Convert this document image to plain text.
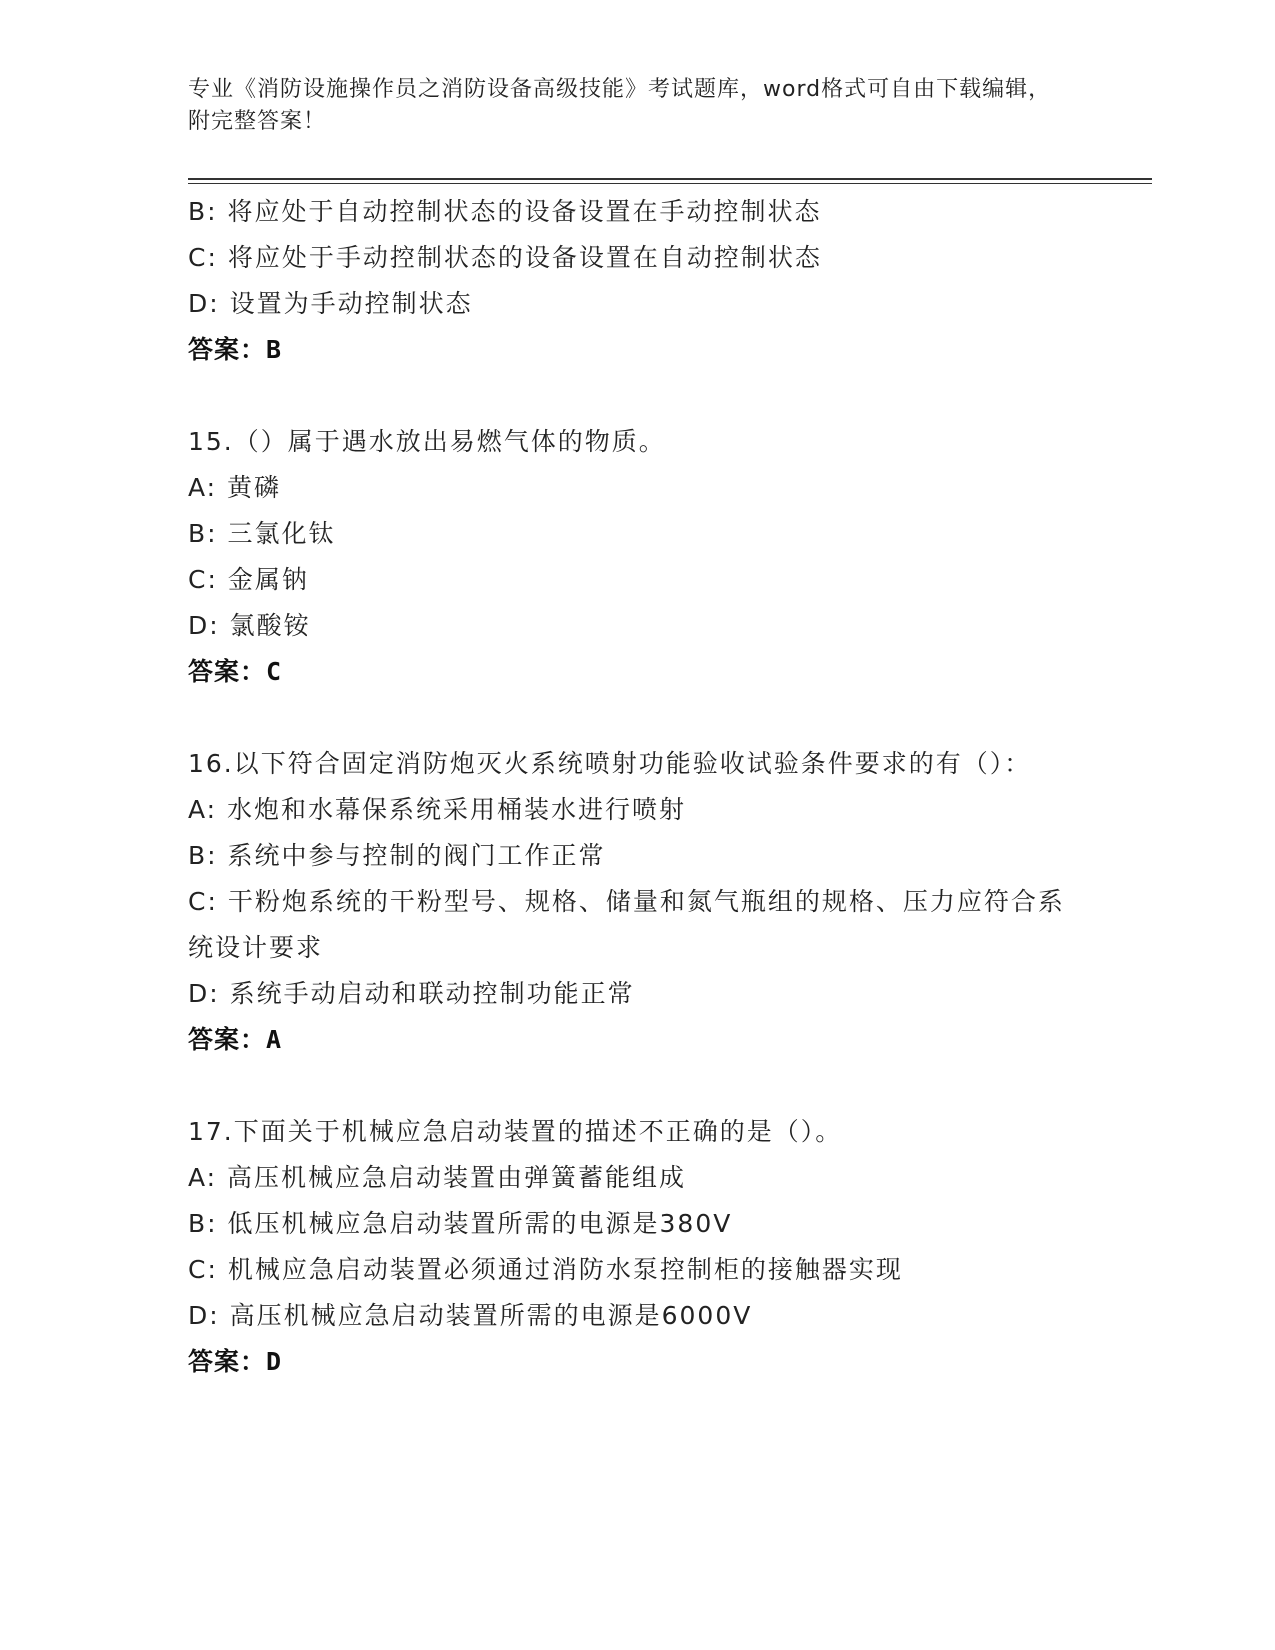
专业《消防设施操作员之消防设备高级技能》考试题库，word格式可自由下载编辑，附完整答案！
B: 将应处于自动控制状态的设备设置在手动控制状态
C: 将应处于手动控制状态的设备设置在自动控制状态
D: 设置为手动控制状态
答案：B
15.（）属于遇水放出易燃气体的物质。
A: 黄磷
B: 三氯化钛
C: 金属钠
D: 氯酸铵
答案：C
16.以下符合固定消防炮灭火系统喷射功能验收试验条件要求的有（）：
A: 水炮和水幕保系统采用桶装水进行喷射
B: 系统中参与控制的阀门工作正常
C: 干粉炮系统的干粉型号、规格、储量和氮气瓶组的规格、压力应符合系统设计要求
D: 系统手动启动和联动控制功能正常
答案：A
17.下面关于机械应急启动装置的描述不正确的是（）。
A: 高压机械应急启动装置由弹簧蓄能组成
B: 低压机械应急启动装置所需的电源是380V
C: 机械应急启动装置必须通过消防水泵控制柜的接触器实现
D: 高压机械应急启动装置所需的电源是6000V
答案：D
